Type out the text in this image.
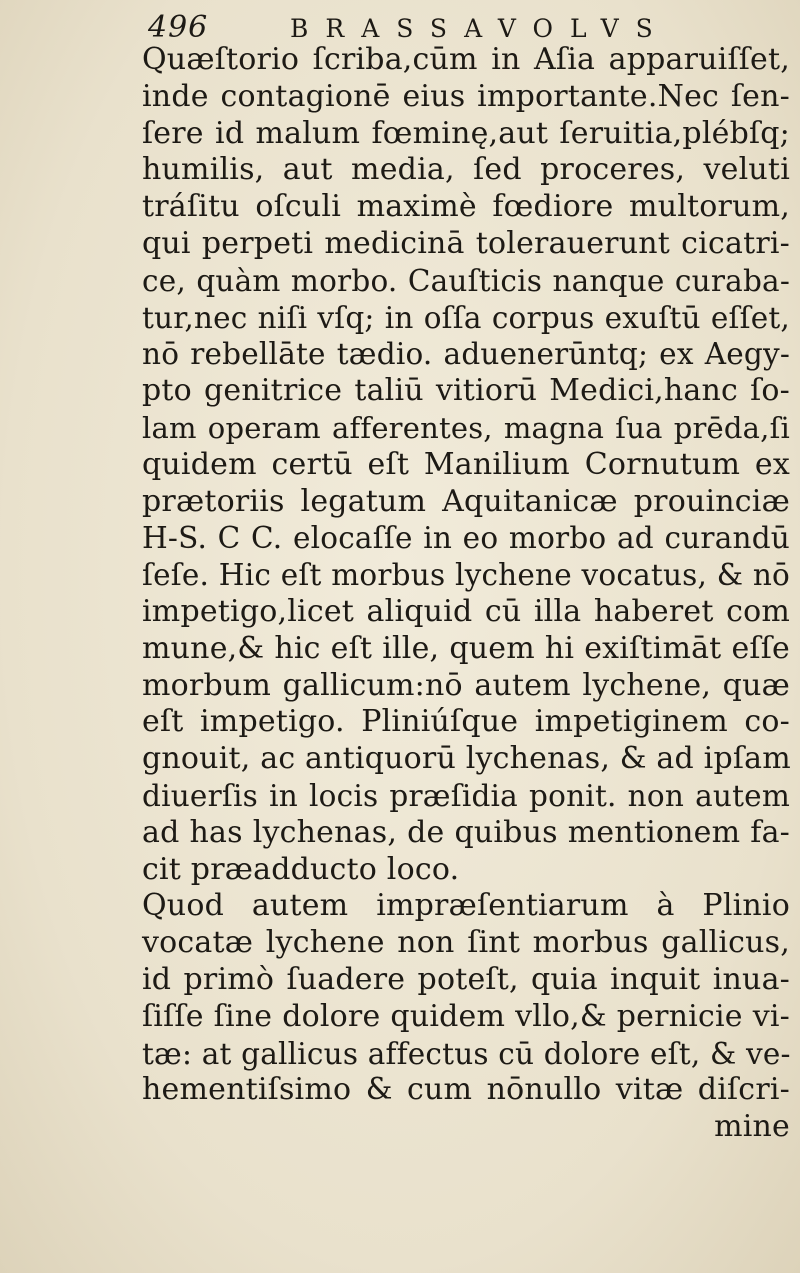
496	BRASSAVOLVS
Quæſtorio ſcriba,cūm in Aſia apparuiſſet,
inde contagionē eius importante.Nec ſen-
ſere id malum fœminę,aut ſeruitia,plébſq;
humilis, aut media, ſed proceres, veluti
tráſitu oſculi maximè fœdiore multorum,
qui perpeti medicinā tolerauerunt cicatri-
ce, quàm morbo. Cauſticis nanque curaba-
tur,nec niſi vſq; in oſſa corpus exuſtū eſſet,
nō rebellāte tædio. aduenerūntq; ex Aegy-
pto genitrice taliū vitiorū Medici,hanc ſo-
lam operam afferentes, magna ſua prēda,ſi
quidem certū eſt Manilium Cornutum ex
prætoriis legatum Aquitanicæ prouinciæ
H-S. C C. elocaſſe in eo morbo ad curandū
ſeſe. Hic eſt morbus lychene vocatus, & nō
impetigo,licet aliquid cū illa haberet com
mune,& hic eſt ille, quem hi exiſtimāt eſſe
morbum gallicum:nō autem lychene, quæ
eſt impetigo. Pliniúſque impetiginem co-
gnouit, ac antiquorū lychenas, & ad ipſam
diuerſis in locis præſidia ponit. non autem
ad has lychenas, de quibus mentionem fa-
cit præadducto loco.
Quod autem impræſentiarum à Plinio
vocatæ lychene non ſint morbus gallicus,
id primò ſuadere poteſt, quia inquit inua-
ſiſſe ſine dolore quidem vllo,& pernicie vi-
tæ: at gallicus affectus cū dolore eſt, & ve-
hementiſsimo & cum nōnullo vitæ diſcri-
mine
